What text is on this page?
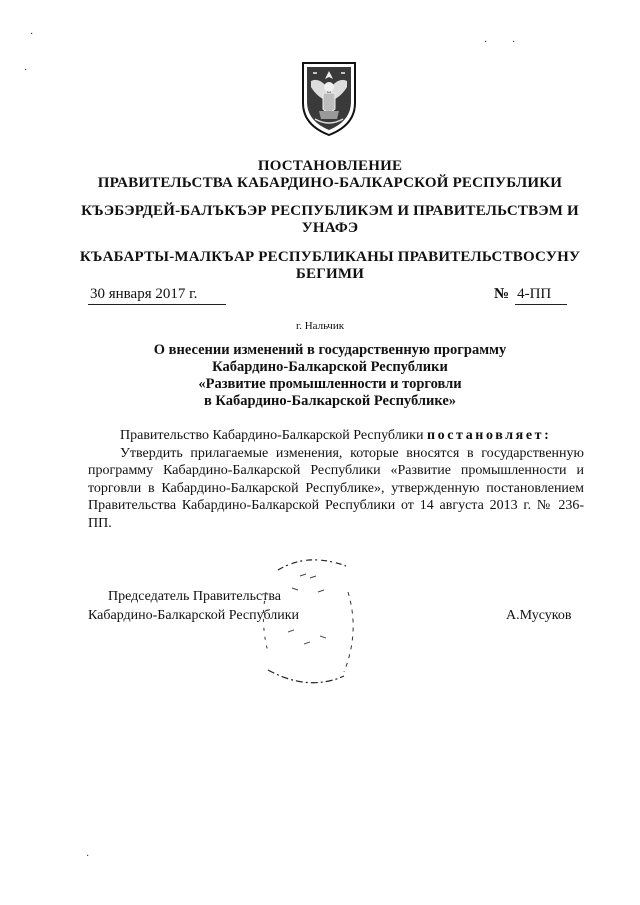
ПОСТАНОВЛЕНИЕ
ПРАВИТЕЛЬСТВА КАБАРДИНО-БАЛКАРСКОЙ РЕСПУБЛИКИ
КЪЭБЭРДЕЙ-БАЛЪКЪЭР РЕСПУБЛИКЭМ И ПРАВИТЕЛЬСТВЭМ И
УНАФЭ
КЪАБАРТЫ-МАЛКЪАР РЕСПУБЛИКАНЫ ПРАВИТЕЛЬСТВОСУНУ
БЕГИМИ
30 января 2017 г.	№ 4-ПП
г. Нальчик
О внесении изменений в государственную программу
Кабардино-Балкарской Республики
«Развитие промышленности и торговли
в Кабардино-Балкарской Республике»

Правительство Кабардино-Балкарской Республики постановляет:

Утвердить прилагаемые изменения, которые вносятся в государственную программу Кабардино-Балкарской Республики «Развитие промышленности и торговли в Кабардино-Балкарской Республике», утвержденную постановлением Правительства Кабардино-Балкарской Республики от 14 августа 2013 г. № 236-ПП.

Председатель Правительства
Кабардино-Балкарской Республики	А.Мусуков
·
·
· ·
·
